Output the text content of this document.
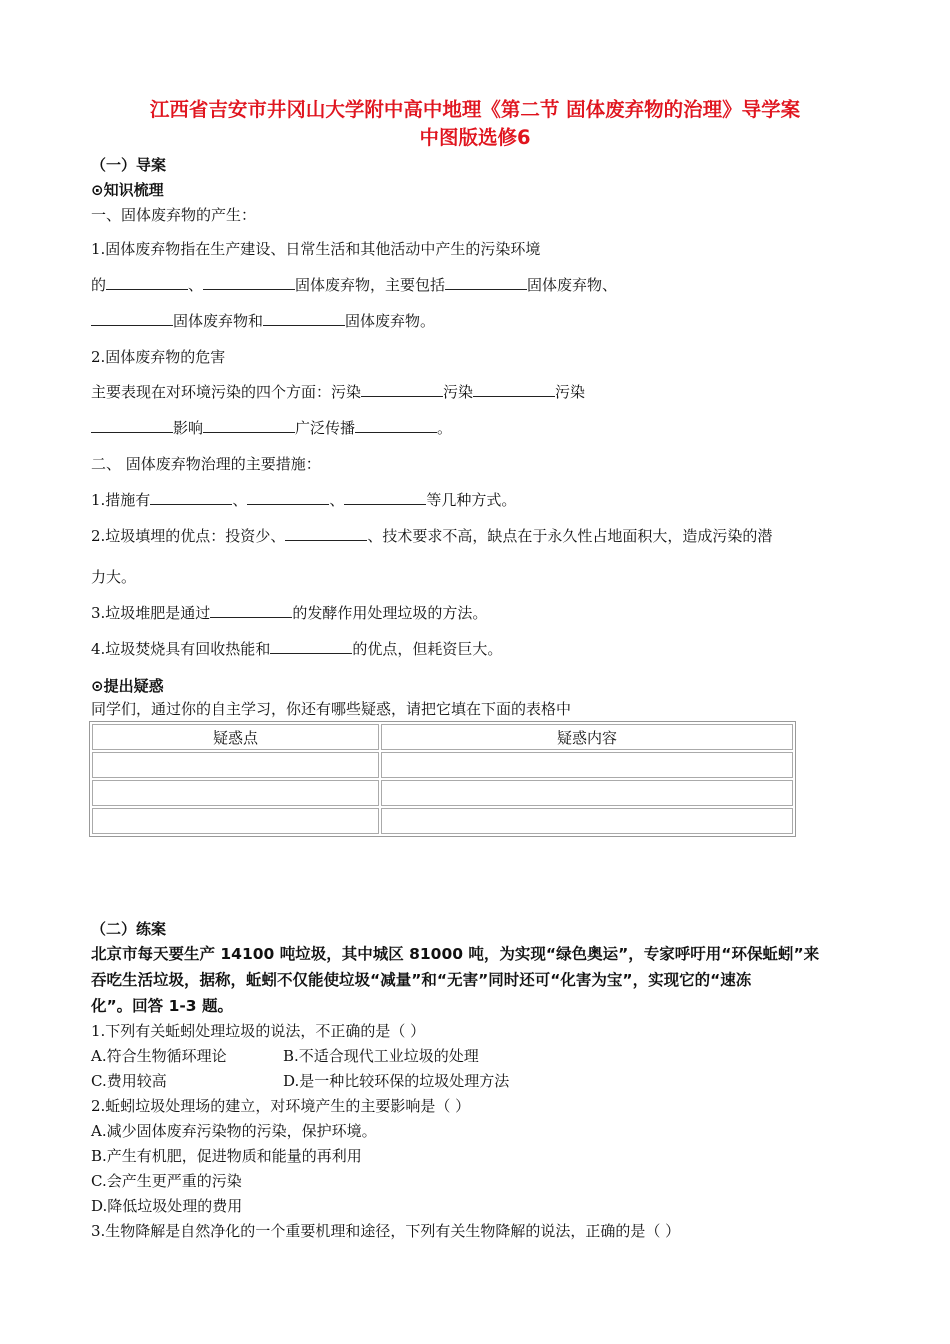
江西省吉安市井冈山大学附中高中地理《第二节 固体废弃物的治理》导学案
中图版选修6
（一）导案
⊙知识梳理
一、固体废弃物的产生：
1.固体废弃物指在生产建设、日常生活和其他活动中产生的污染环境
的	、	固体废弃物，主要包括	固体废弃物、
固体废弃物和	固体废弃物。
2.固体废弃物的危害
主要表现在对环境污染的四个方面：污染	污染	污染
影响	广泛传播	。
二、 固体废弃物治理的主要措施：
1.措施有	、	、	等几种方式。
2.垃圾填埋的优点：投资少、	、技术要求不高，缺点在于永久性占地面积大，造成污染的潜
力大。
3.垃圾堆肥是通过	的发酵作用处理垃圾的方法。
4.垃圾焚烧具有回收热能和	的优点，但耗资巨大。
⊙提出疑惑
同学们，通过你的自主学习，你还有哪些疑惑，请把它填在下面的表格中
疑惑点	疑惑内容

（二）练案
北京市每天要生产 14100 吨垃圾，其中城区 81000 吨，为实现“绿色奥运”，专家呼吁用“环保蚯蚓”来
吞吃生活垃圾，据称，蚯蚓不仅能使垃圾“减量”和“无害”同时还可“化害为宝”，实现它的“速冻
化”。回答 1-3 题。
1.下列有关蚯蚓处理垃圾的说法，不正确的是（ ）
A.符合生物循环理论	B.不适合现代工业垃圾的处理
C.费用较高	D.是一种比较环保的垃圾处理方法
2.蚯蚓垃圾处理场的建立，对环境产生的主要影响是（ ）
A.减少固体废弃污染物的污染，保护环境。
B.产生有机肥，促进物质和能量的再利用
C.会产生更严重的污染
D.降低垃圾处理的费用
3.生物降解是自然净化的一个重要机理和途径，下列有关生物降解的说法，正确的是（ ）
